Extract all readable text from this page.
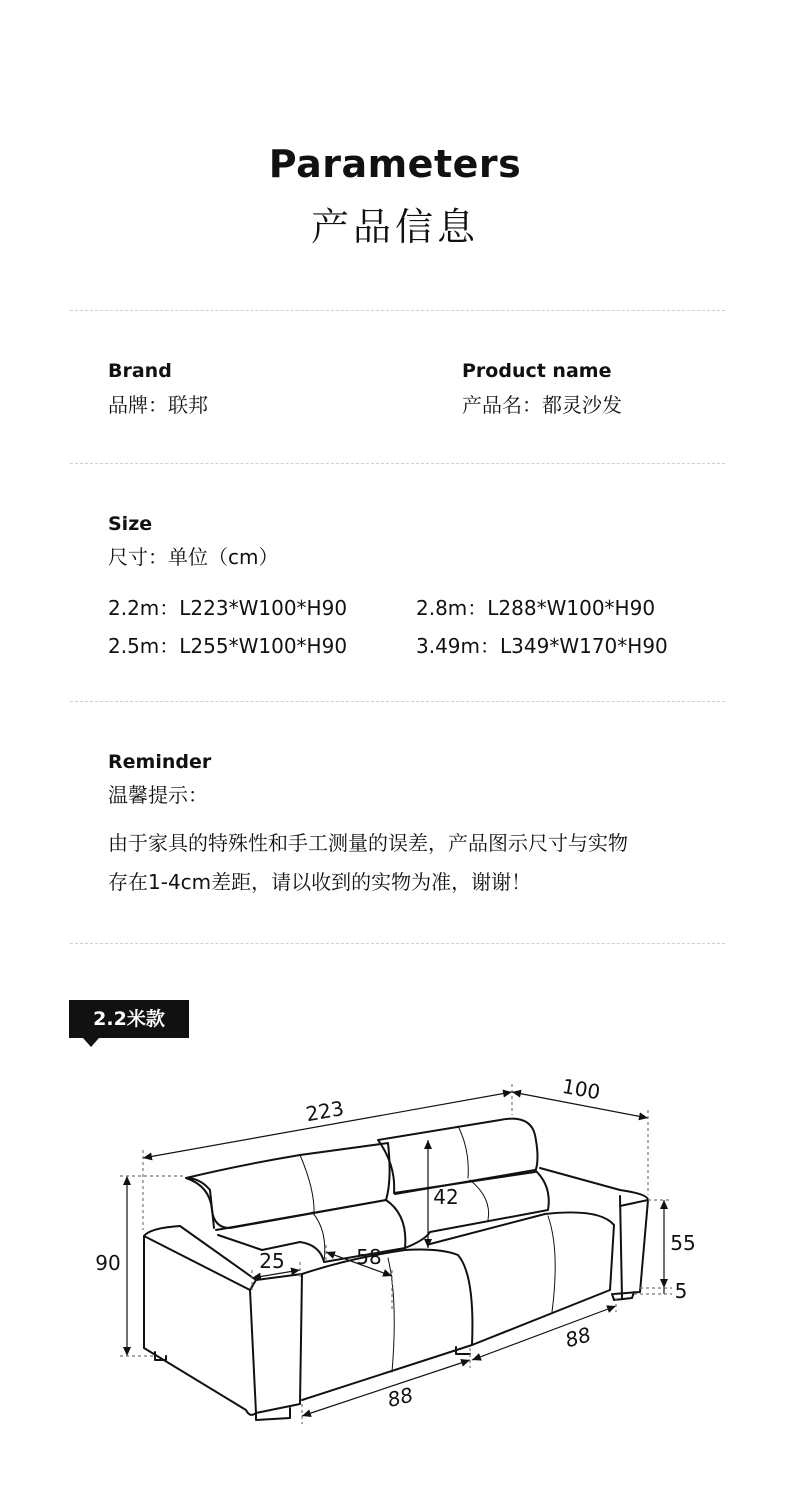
Parameters
产品信息
Brand
品牌：联邦
Product name
产品名：都灵沙发
Size
尺寸：单位（cm）
2.2m：L223*W100*H90	2.8m：L288*W100*H90
2.5m：L255*W100*H90	3.49m：L349*W170*H90
Reminder
温馨提示：
由于家具的特殊性和手工测量的误差，产品图示尺寸与实物
存在1-4cm差距，请以收到的实物为准，谢谢！
2.2米款
223
100
90
42
55
5
25	58
88
88
